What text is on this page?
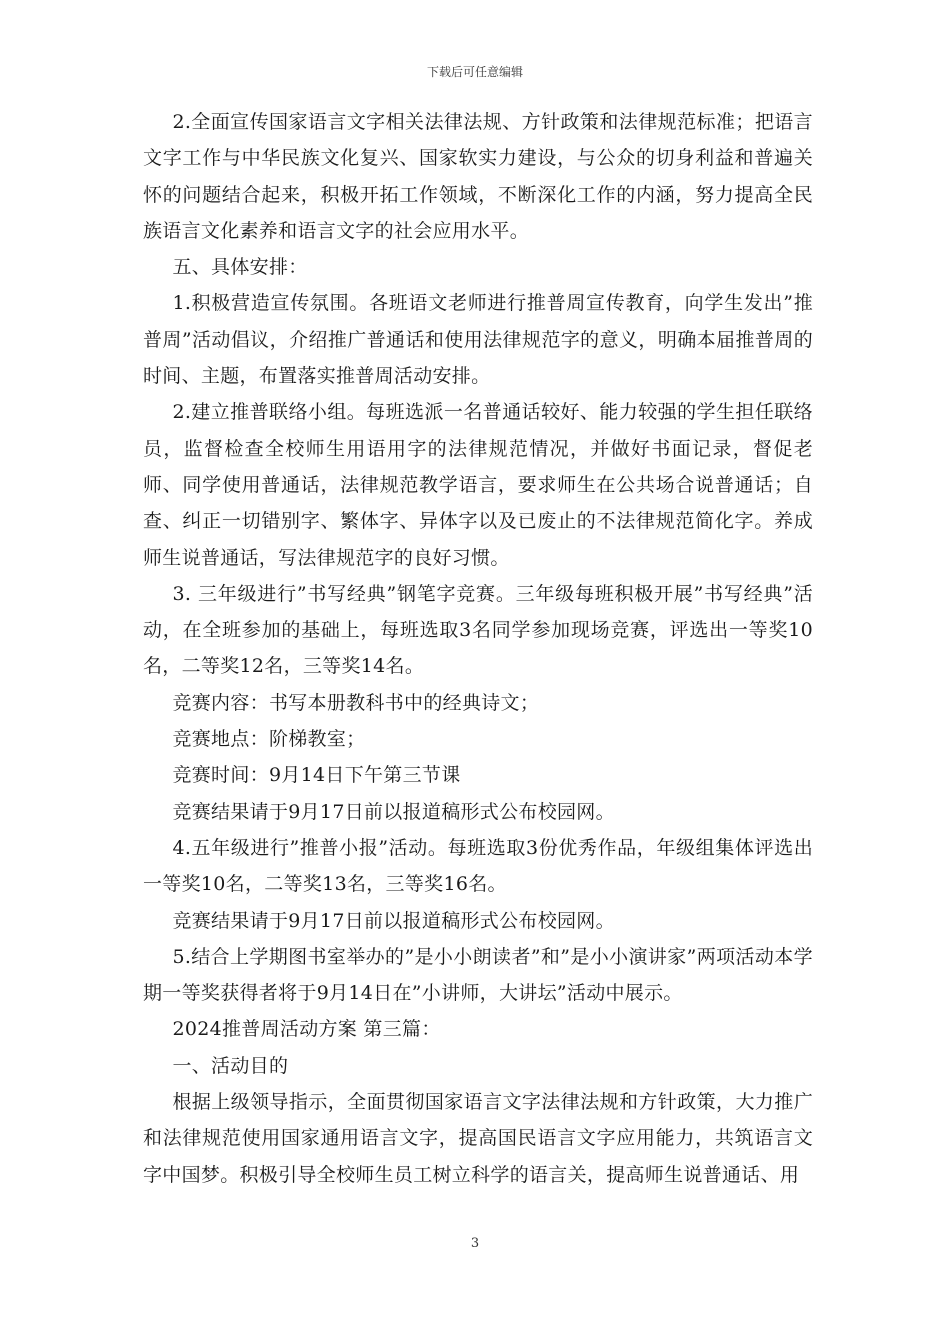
下载后可任意编辑

2.全面宣传国家语言文字相关法律法规、方针政策和法律规范标准；把语言文字工作与中华民族文化复兴、国家软实力建设，与公众的切身利益和普遍关怀的问题结合起来，积极开拓工作领域，不断深化工作的内涵，努力提高全民族语言文化素养和语言文字的社会应用水平。

五、具体安排：

1.积极营造宣传氛围。各班语文老师进行推普周宣传教育，向学生发出”推普周”活动倡议，介绍推广普通话和使用法律规范字的意义，明确本届推普周的时间、主题，布置落实推普周活动安排。

2.建立推普联络小组。每班选派一名普通话较好、能力较强的学生担任联络员，监督检查全校师生用语用字的法律规范情况，并做好书面记录，督促老师、同学使用普通话，法律规范教学语言，要求师生在公共场合说普通话；自查、纠正一切错别字、繁体字、异体字以及已废止的不法律规范简化字。养成师生说普通话，写法律规范字的良好习惯。

3. 三年级进行”书写经典”钢笔字竞赛。三年级每班积极开展”书写经典”活动，在全班参加的基础上，每班选取3名同学参加现场竞赛，评选出一等奖10名，二等奖12名，三等奖14名。

竞赛内容：书写本册教科书中的经典诗文；

竞赛地点：阶梯教室；

竞赛时间：9月14日下午第三节课

竞赛结果请于9月17日前以报道稿形式公布校园网。

4.五年级进行”推普小报”活动。每班选取3份优秀作品，年级组集体评选出一等奖10名，二等奖13名，三等奖16名。

竞赛结果请于9月17日前以报道稿形式公布校园网。

5.结合上学期图书室举办的”是小小朗读者”和”是小小演讲家”两项活动本学期一等奖获得者将于9月14日在”小讲师，大讲坛”活动中展示。

2024推普周活动方案 第三篇：

一、活动目的

根据上级领导指示，全面贯彻国家语言文字法律法规和方针政策，大力推广和法律规范使用国家通用语言文字，提高国民语言文字应用能力，共筑语言文字中国梦。积极引导全校师生员工树立科学的语言关，提高师生说普通话、用

3
